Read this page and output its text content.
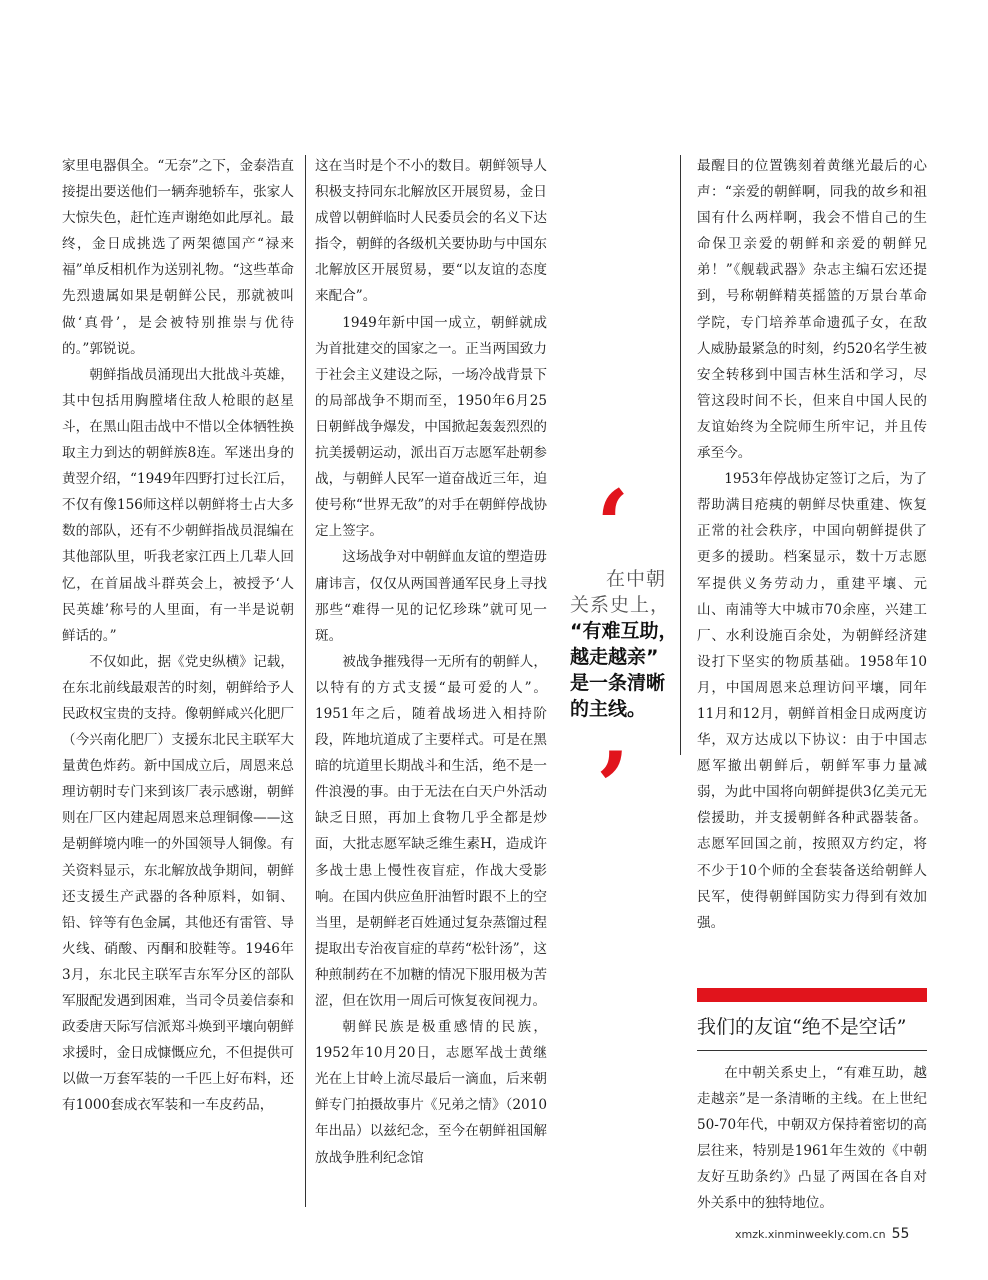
家里电器俱全。“无奈”之下，金泰浩直接提出要送他们一辆奔驰轿车，张家人大惊失色，赶忙连声谢绝如此厚礼。最终，金日成挑选了两架德国产“禄来福”单反相机作为送别礼物。“这些革命先烈遗属如果是朝鲜公民，那就被叫做‘真骨’，是会被特别推崇与优待的。”郭锐说。

朝鲜指战员涌现出大批战斗英雄，其中包括用胸膛堵住敌人枪眼的赵星斗，在黑山阻击战中不惜以全体牺牲换取主力到达的朝鲜族8连。军迷出身的黄翌介绍，“1949年四野打过长江后，不仅有像156师这样以朝鲜将士占大多数的部队，还有不少朝鲜指战员混编在其他部队里，听我老家江西上几辈人回忆，在首届战斗群英会上，被授予‘人民英雄’称号的人里面，有一半是说朝鲜话的。”

不仅如此，据《党史纵横》记载，在东北前线最艰苦的时刻，朝鲜给予人民政权宝贵的支持。像朝鲜咸兴化肥厂（今兴南化肥厂）支援东北民主联军大量黄色炸药。新中国成立后，周恩来总理访朝时专门来到该厂表示感谢，朝鲜则在厂区内建起周恩来总理铜像——这是朝鲜境内唯一的外国领导人铜像。有关资料显示，东北解放战争期间，朝鲜还支援生产武器的各种原料，如铜、铅、锌等有色金属，其他还有雷管、导火线、硝酸、丙酮和胶鞋等。1946年3月，东北民主联军吉东军分区的部队军服配发遇到困难，当司令员姜信泰和政委唐天际写信派郑斗焕到平壤向朝鲜求援时，金日成慷慨应允，不但提供可以做一万套军装的一千匹上好布料，还有1000套成衣军装和一车皮药品，

这在当时是个不小的数目。朝鲜领导人积极支持同东北解放区开展贸易，金日成曾以朝鲜临时人民委员会的名义下达指令，朝鲜的各级机关要协助与中国东北解放区开展贸易，要“以友谊的态度来配合”。

1949年新中国一成立，朝鲜就成为首批建交的国家之一。正当两国致力于社会主义建设之际，一场冷战背景下的局部战争不期而至，1950年6月25日朝鲜战争爆发，中国掀起轰轰烈烈的抗美援朝运动，派出百万志愿军赴朝参战，与朝鲜人民军一道奋战近三年，迫使号称“世界无敌”的对手在朝鲜停战协定上签字。

这场战争对中朝鲜血友谊的塑造毋庸讳言，仅仅从两国普通军民身上寻找那些“难得一见的记忆珍珠”就可见一斑。

被战争摧残得一无所有的朝鲜人，以特有的方式支援“最可爱的人”。1951年之后，随着战场进入相持阶段，阵地坑道成了主要样式。可是在黑暗的坑道里长期战斗和生活，绝不是一件浪漫的事。由于无法在白天户外活动缺乏日照，再加上食物几乎全都是炒面，大批志愿军缺乏维生素H，造成许多战士患上慢性夜盲症，作战大受影响。在国内供应鱼肝油暂时跟不上的空当里，是朝鲜老百姓通过复杂蒸馏过程提取出专治夜盲症的草药“松针汤”，这种煎制药在不加糖的情况下服用极为苦涩，但在饮用一周后可恢复夜间视力。

朝鲜民族是极重感情的民族，1952年10月20日，志愿军战士黄继光在上甘岭上流尽最后一滴血，后来朝鲜专门拍摄故事片《兄弟之情》（2010年出品）以兹纪念，至今在朝鲜祖国解放战争胜利纪念馆

‘
在中朝
关系史上，
“有难互助，
越走越亲”
是一条清晰
的主线。
’

最醒目的位置镌刻着黄继光最后的心声：“亲爱的朝鲜啊，同我的故乡和祖国有什么两样啊，我会不惜自己的生命保卫亲爱的朝鲜和亲爱的朝鲜兄弟！”《舰载武器》杂志主编石宏还提到，号称朝鲜精英摇篮的万景台革命学院，专门培养革命遗孤子女，在敌人威胁最紧急的时刻，约520名学生被安全转移到中国吉林生活和学习，尽管这段时间不长，但来自中国人民的友谊始终为全院师生所牢记，并且传承至今。

1953年停战协定签订之后，为了帮助满目疮痍的朝鲜尽快重建、恢复正常的社会秩序，中国向朝鲜提供了更多的援助。档案显示，数十万志愿军提供义务劳动力，重建平壤、元山、南浦等大中城市70余座，兴建工厂、水利设施百余处，为朝鲜经济建设打下坚实的物质基础。1958年10月，中国周恩来总理访问平壤，同年11月和12月，朝鲜首相金日成两度访华，双方达成以下协议：由于中国志愿军撤出朝鲜后，朝鲜军事力量减弱，为此中国将向朝鲜提供3亿美元无偿援助，并支援朝鲜各种武器装备。志愿军回国之前，按照双方约定，将不少于10个师的全套装备送给朝鲜人民军，使得朝鲜国防实力得到有效加强。

我们的友谊“绝不是空话”

在中朝关系史上，“有难互助，越走越亲”是一条清晰的主线。在上世纪50-70年代，中朝双方保持着密切的高层往来，特别是1961年生效的《中朝友好互助条约》凸显了两国在各自对外关系中的独特地位。

xmzk.xinminweekly.com.cn 55
